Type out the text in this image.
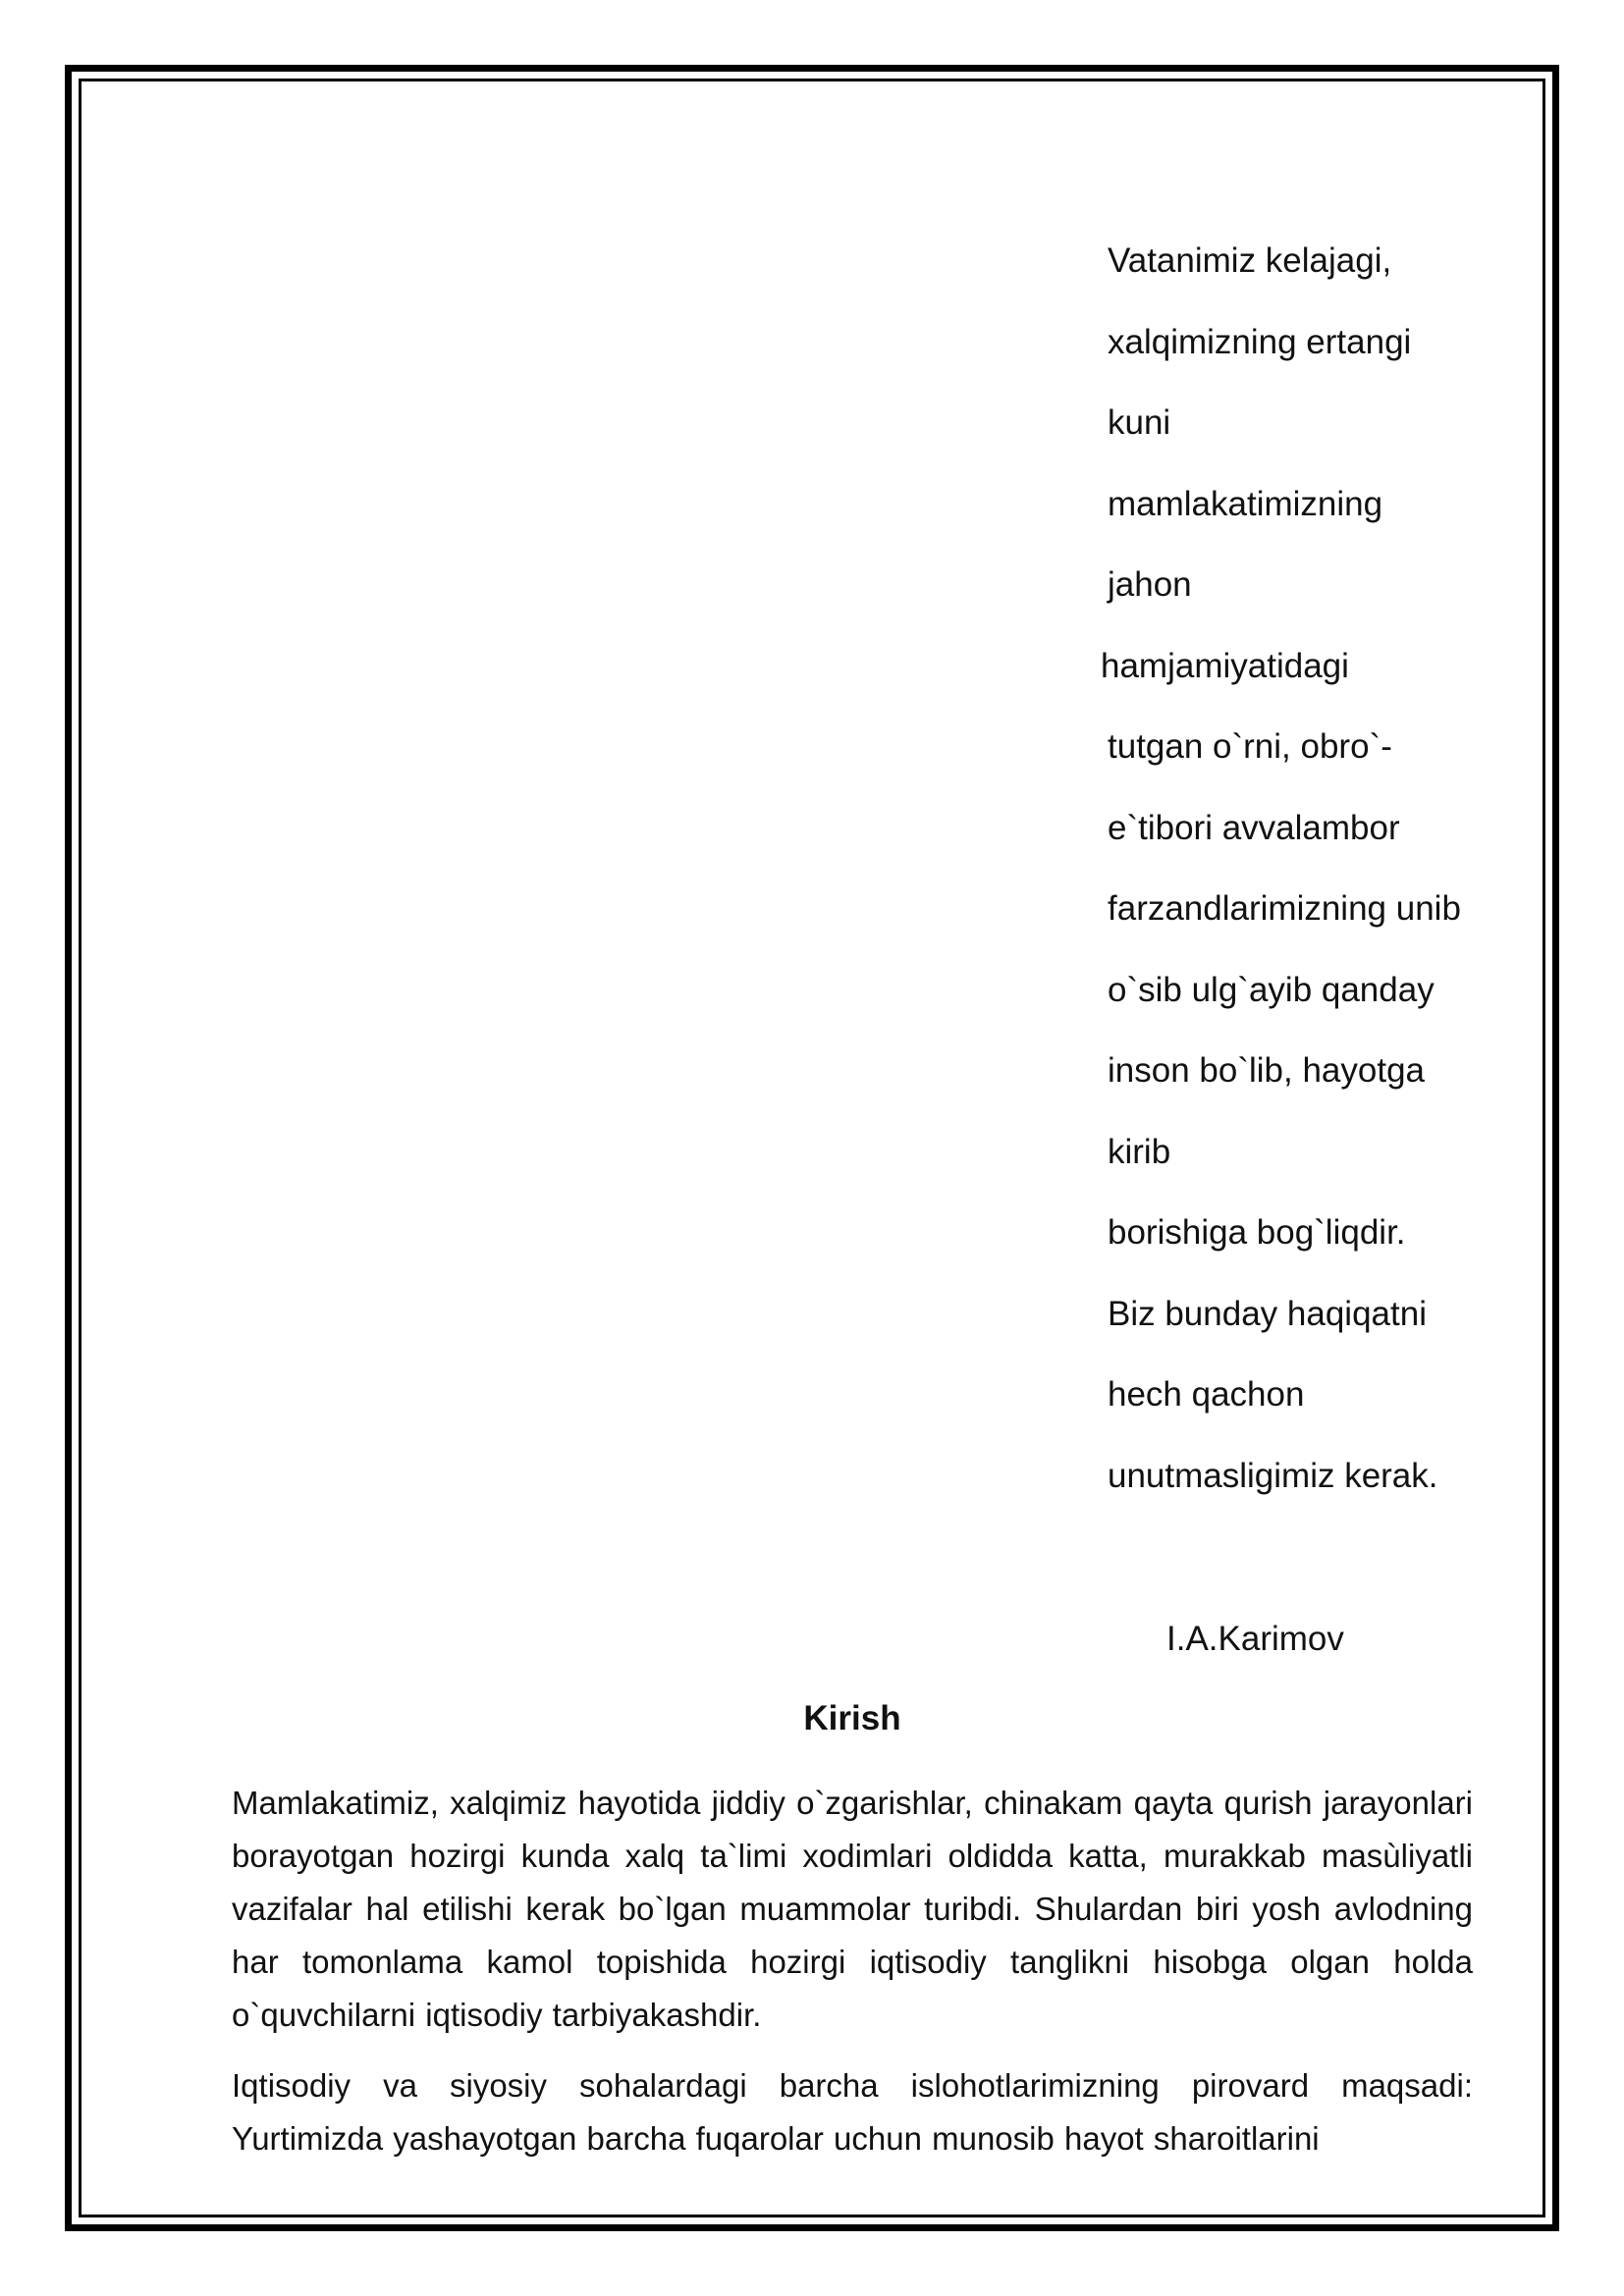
Vatanimiz kelajagi,
xalqimizning ertangi
kuni
mamlakatimizning
jahon
hamjamiyatidagi
tutgan o`rni, obro`-
e`tibori avvalambor
farzandlarimizning unib
o`sib ulg`ayib qanday
inson bo`lib, hayotga
kirib
borishiga bog`liqdir.
Biz bunday haqiqatni
hech qachon
unutmasligimiz kerak.
I.A.Karimov
Kirish

Mamlakatimiz, xalqimiz hayotida jiddiy o`zgarishlar, chinakam qayta qurish jarayonlari borayotgan hozirgi kunda xalq ta`limi xodimlari oldidda katta, murakkab masùliyatli vazifalar hal etilishi kerak bo`lgan muammolar turibdi. Shulardan biri yosh avlodning har tomonlama kamol topishida hozirgi iqtisodiy tanglikni hisobga olgan holda o`quvchilarni iqtisodiy tarbiyakashdir.

Iqtisodiy va siyosiy sohalardagi barcha islohotlarimizning pirovard maqsadi: Yurtimizda yashayotgan barcha fuqarolar uchun munosib hayot sharoitlarini
